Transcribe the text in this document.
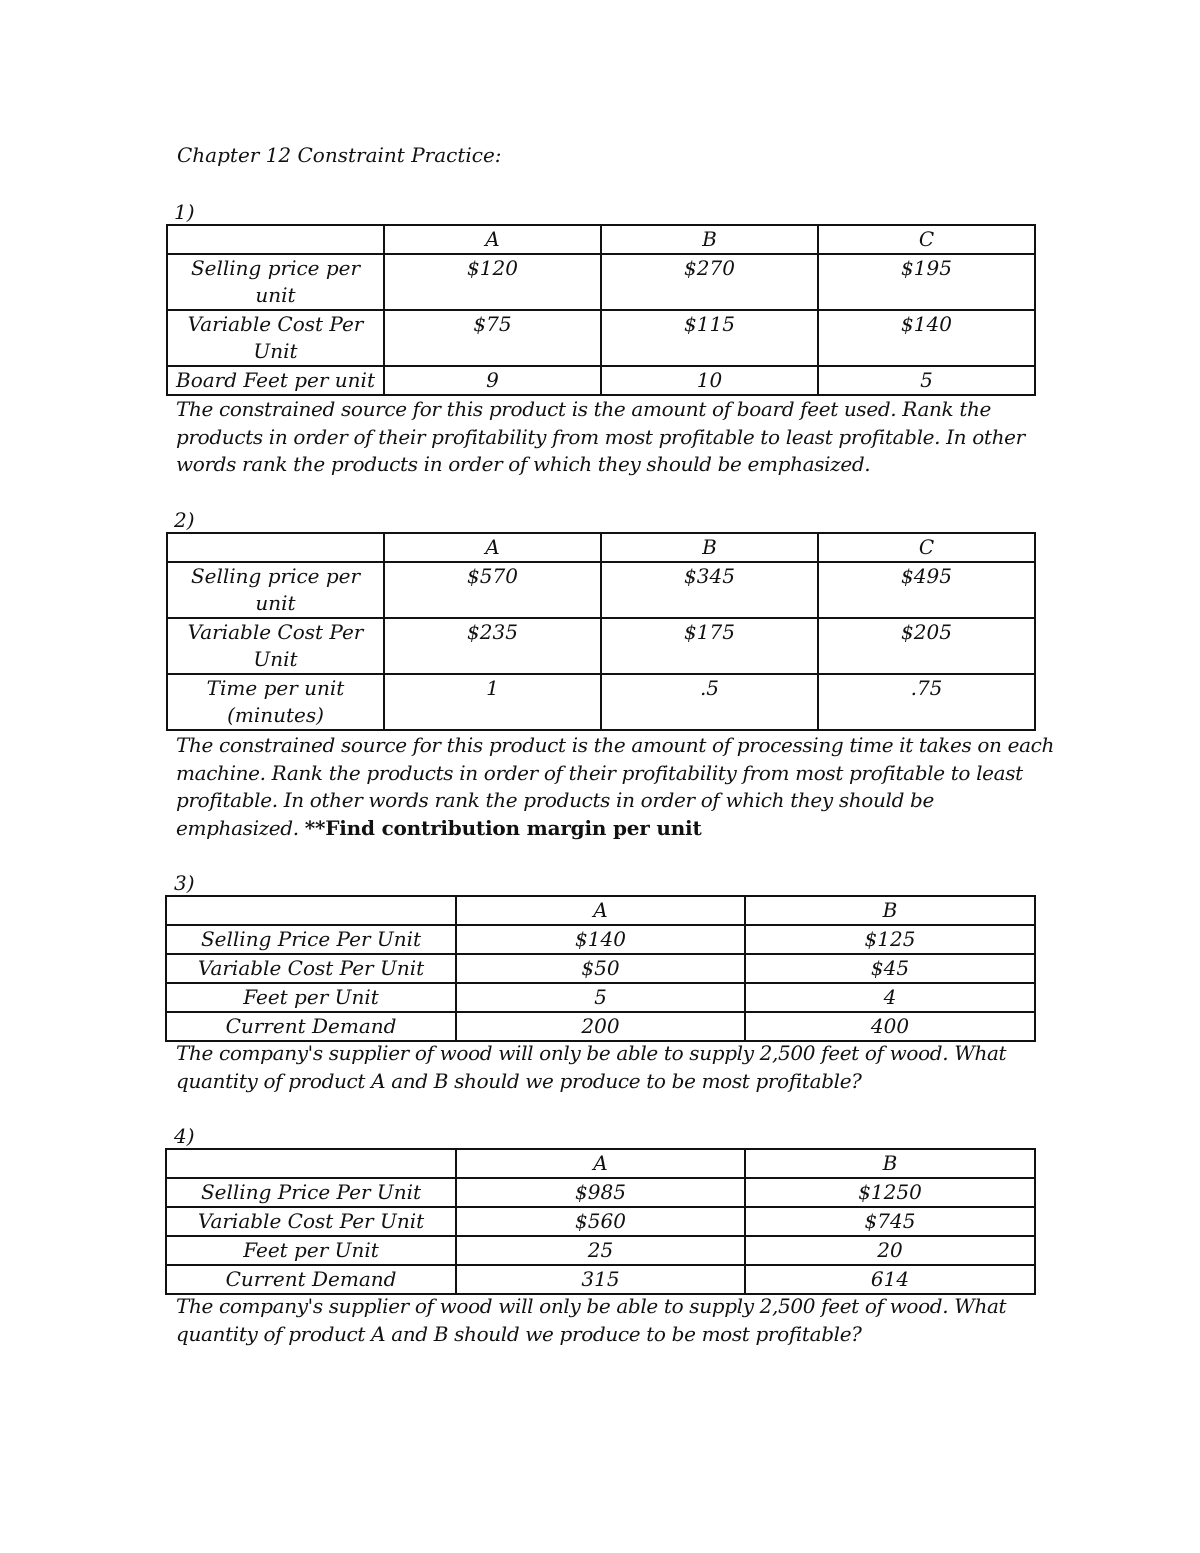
Chapter 12 Constraint Practice:
1)
	A	B	C
Selling price per unit	$120	$270	$195
Variable Cost Per Unit	$75	$115	$140
Board Feet per unit	9	10	5
The constrained source for this product is the amount of board feet used. Rank the products in order of their profitability from most profitable to least profitable. In other words rank the products in order of which they should be emphasized.
2)
	A	B	C
Selling price per unit	$570	$345	$495
Variable Cost Per Unit	$235	$175	$205
Time per unit (minutes)	1	.5	.75
The constrained source for this product is the amount of processing time it takes on each machine. Rank the products in order of their profitability from most profitable to least profitable. In other words rank the products in order of which they should be emphasized. **Find contribution margin per unit
3)
	A	B
Selling Price Per Unit	$140	$125
Variable Cost Per Unit	$50	$45
Feet per Unit	5	4
Current Demand	200	400
The company's supplier of wood will only be able to supply 2,500 feet of wood. What quantity of product A and B should we produce to be most profitable?
4)
	A	B
Selling Price Per Unit	$985	$1250
Variable Cost Per Unit	$560	$745
Feet per Unit	25	20
Current Demand	315	614
The company's supplier of wood will only be able to supply 2,500 feet of wood. What quantity of product A and B should we produce to be most profitable?
